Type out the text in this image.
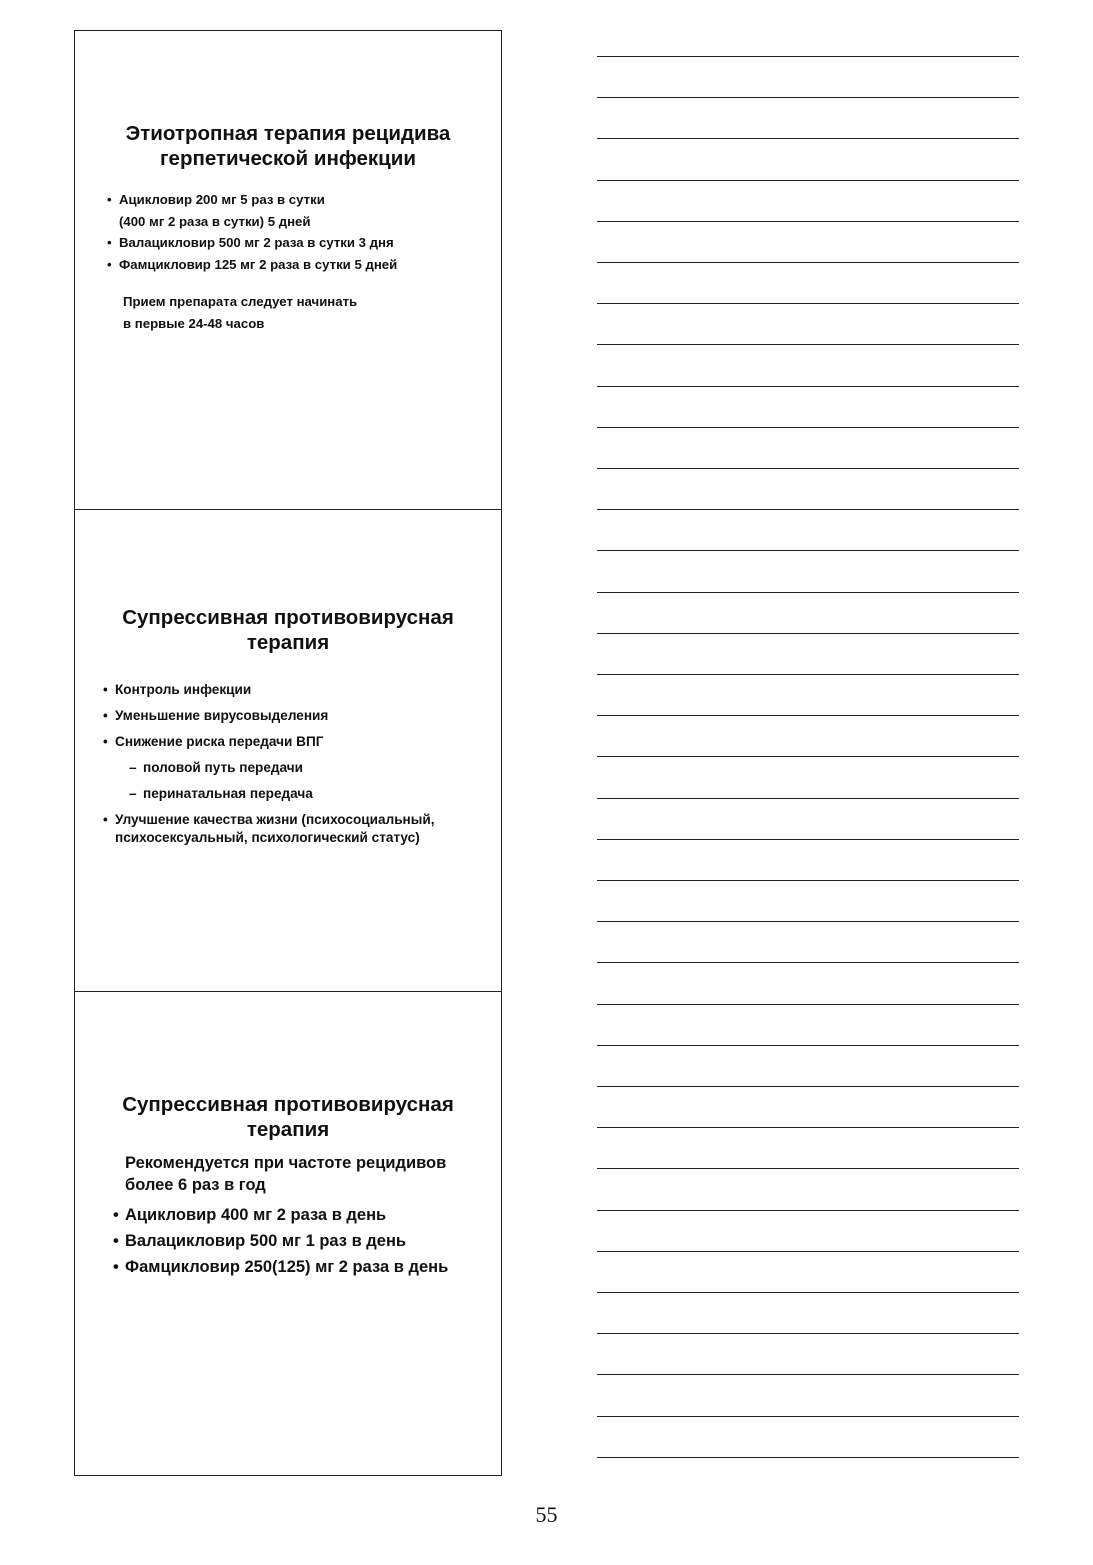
Этиотропная терапия рецидива герпетической инфекции
• Ацикловир 200 мг 5 раз в сутки
(400 мг 2 раза в сутки) 5 дней
• Валацикловир 500 мг 2 раза в сутки 3 дня
• Фамцикловир 125 мг 2 раза в сутки 5 дней
Прием препарата следует начинать
в первые 24-48 часов
Супрессивная противовирусная терапия
• Контроль инфекции
• Уменьшение вирусовыделения
• Снижение риска передачи ВПГ
– половой путь передачи
– перинатальная передача
• Улучшение качества жизни (психосоциальный, психосексуальный, психологический статус)
Супрессивная противовирусная терапия
Рекомендуется при частоте рецидивов более 6 раз в год
• Ацикловир 400 мг 2 раза в день
• Валацикловир 500 мг 1 раз в день
• Фамцикловир 250(125) мг 2 раза в день
55
